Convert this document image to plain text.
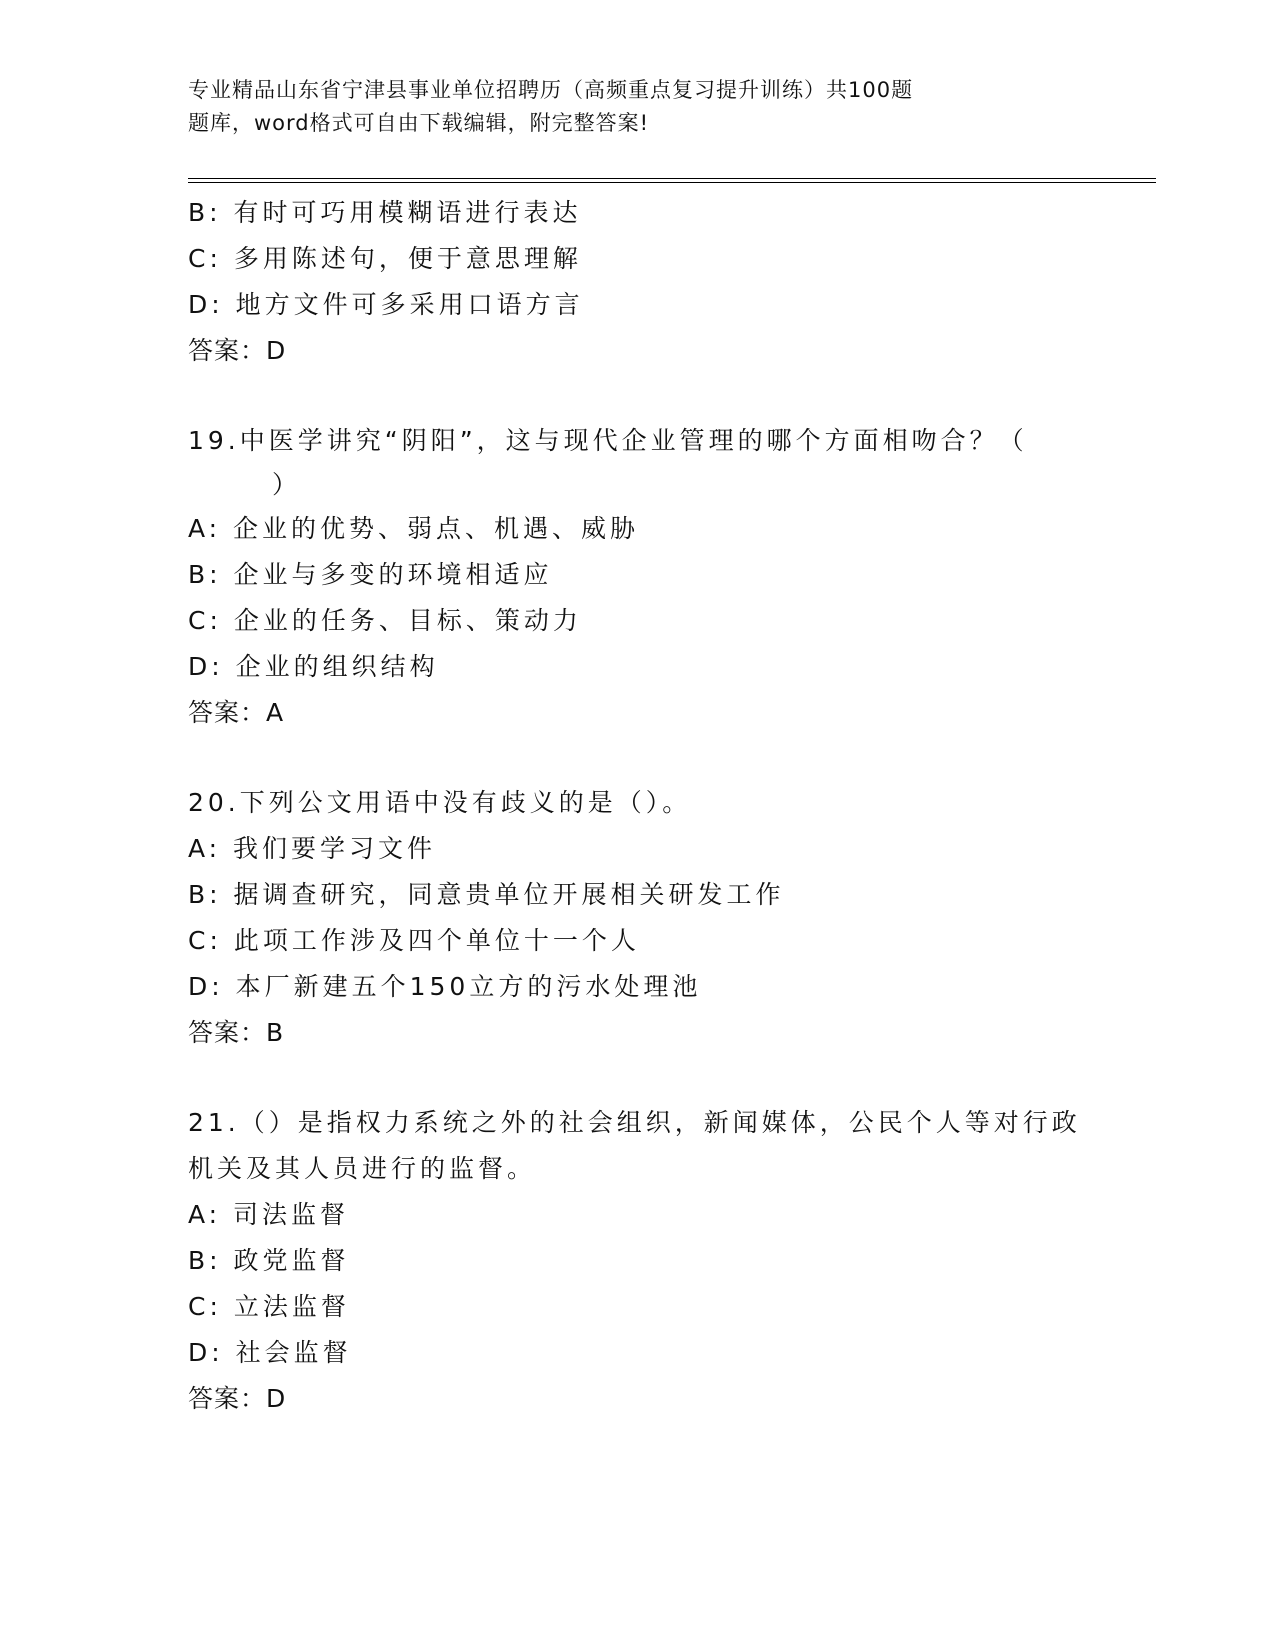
专业精品山东省宁津县事业单位招聘历（高频重点复习提升训练）共100题
题库，word格式可自由下载编辑，附完整答案!
B: 有时可巧用模糊语进行表达
C: 多用陈述句，便于意思理解
D: 地方文件可多采用口语方言
答案：D
19.中医学讲究“阴阳”，这与现代企业管理的哪个方面相吻合？（
）
A: 企业的优势、弱点、机遇、威胁
B: 企业与多变的环境相适应
C: 企业的任务、目标、策动力
D: 企业的组织结构
答案：A
20.下列公文用语中没有歧义的是（）。
A: 我们要学习文件
B: 据调查研究，同意贵单位开展相关研发工作
C: 此项工作涉及四个单位十一个人
D: 本厂新建五个150立方的污水处理池
答案：B
21.（）是指权力系统之外的社会组织，新闻媒体，公民个人等对行政
机关及其人员进行的监督。
A: 司法监督
B: 政党监督
C: 立法监督
D: 社会监督
答案：D
